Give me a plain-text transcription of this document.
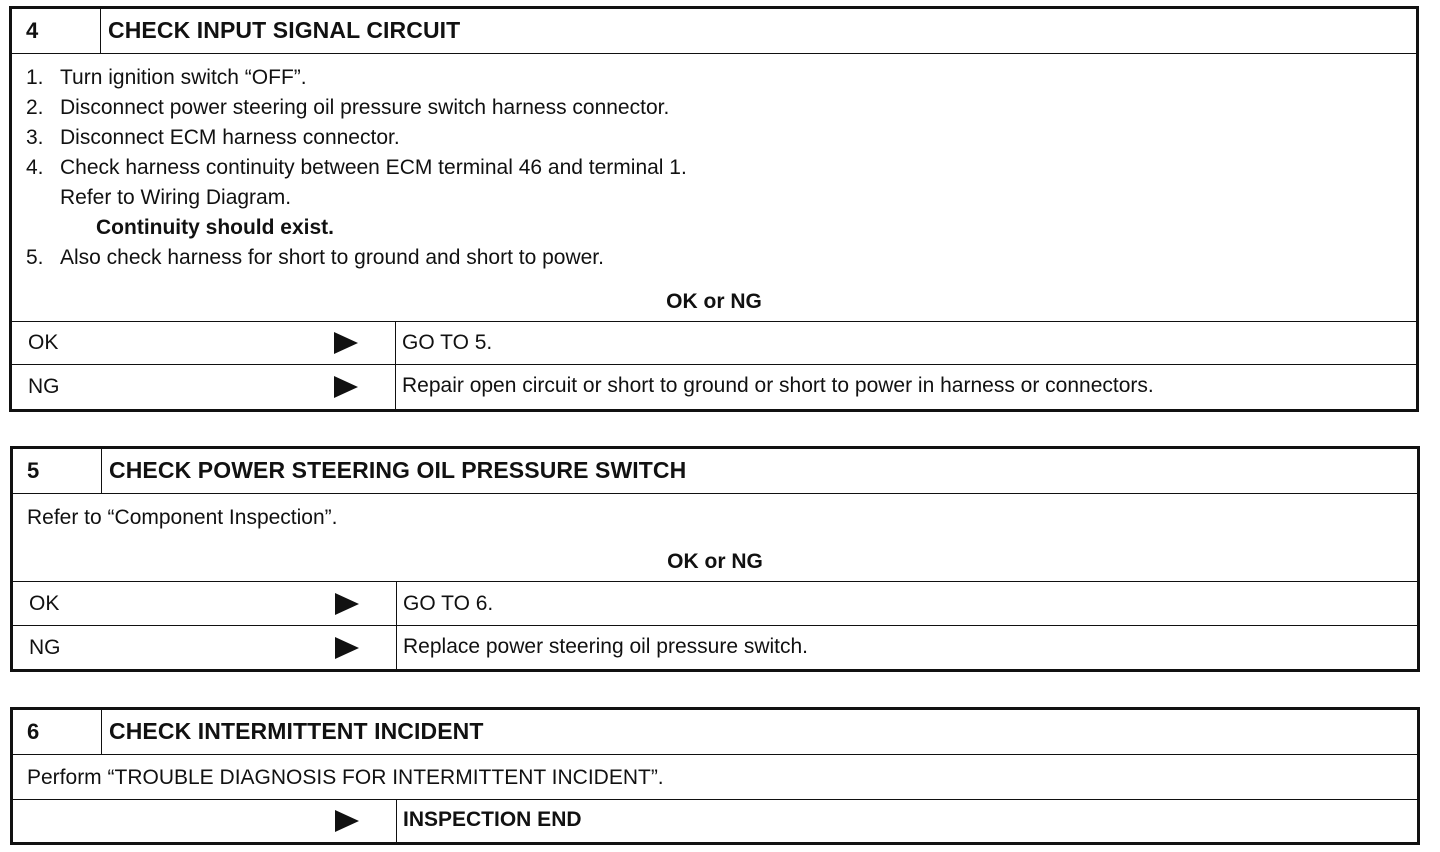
4	CHECK INPUT SIGNAL CIRCUIT
1. Turn ignition switch “OFF”.
2. Disconnect power steering oil pressure switch harness connector.
3. Disconnect ECM harness connector.
4. Check harness continuity between ECM terminal 46 and terminal 1.
Refer to Wiring Diagram.
Continuity should exist.
5. Also check harness for short to ground and short to power.
OK or NG
OK	GO TO 5.
NG	Repair open circuit or short to ground or short to power in harness or connectors.
5	CHECK POWER STEERING OIL PRESSURE SWITCH
Refer to “Component Inspection”.
OK or NG
OK	GO TO 6.
NG	Replace power steering oil pressure switch.
6	CHECK INTERMITTENT INCIDENT
Perform “TROUBLE DIAGNOSIS FOR INTERMITTENT INCIDENT”.
INSPECTION END
